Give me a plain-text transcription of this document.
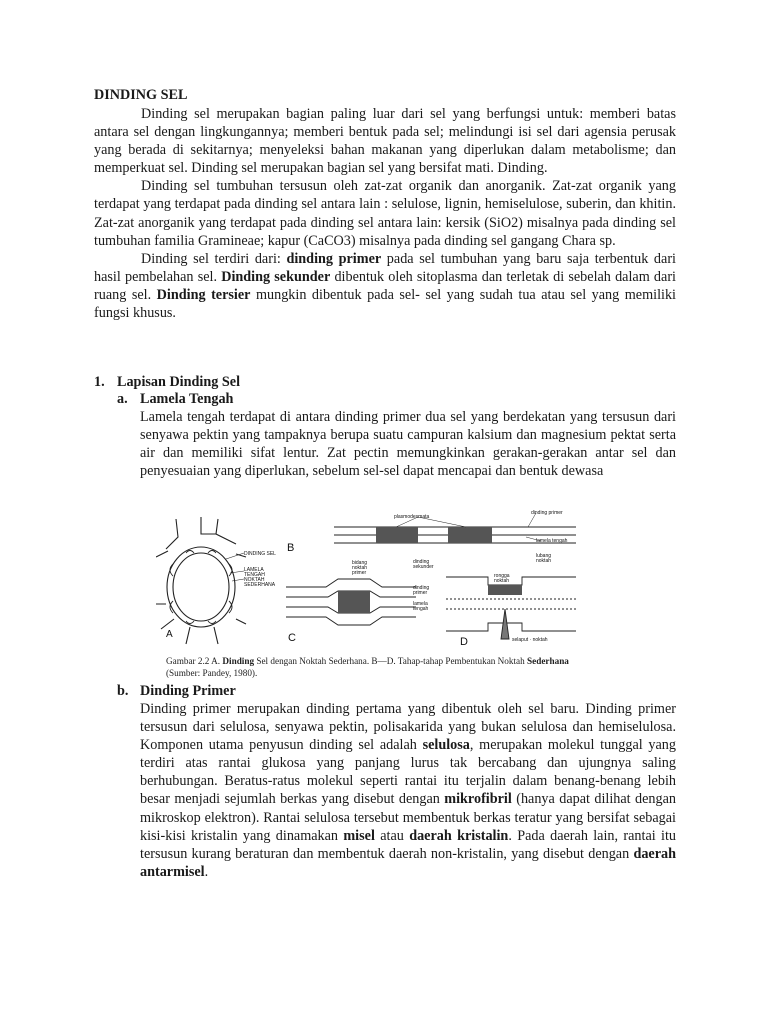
DINDING SEL

Dinding sel merupakan bagian paling luar dari sel yang berfungsi untuk: memberi batas antara sel dengan lingkungannya; memberi bentuk pada sel; melindungi isi sel dari agensia perusak yang berada di sekitarnya; menyeleksi bahan makanan yang diperlukan dalam metabolisme; dan memperkuat sel. Dinding sel merupakan bagian sel yang bersifat mati. Dinding.

Dinding sel tumbuhan tersusun oleh zat-zat organik dan anorganik. Zat-zat organik yang terdapat yang terdapat pada dinding sel antara lain : selulose, lignin, hemiselulose, suberin, dan khitin. Zat-zat anorganik yang terdapat pada dinding sel antara lain: kersik (SiO2) misalnya pada dinding sel tumbuhan familia Gramineae; kapur (CaCO3) misalnya pada dinding sel gangang Chara sp.

Dinding sel terdiri dari: dinding primer pada sel tumbuhan yang baru saja terbentuk dari hasil pembelahan sel. Dinding sekunder dibentuk oleh sitoplasma dan terletak di sebelah dalam dari ruang sel. Dinding tersier mungkin dibentuk pada sel- sel yang sudah tua atau sel yang memiliki fungsi khusus.

1. Lapisan Dinding Sel
a. Lamela Tengah

Lamela tengah terdapat di antara dinding primer dua sel yang berdekatan yang tersusun dari senyawa pektin yang tampaknya berupa suatu campuran kalsium dan magnesium pektat serta air dan memiliki sifat lentur. Zat pectin memungkinkan gerakan-gerakan antar sel dan penyesuaian yang diperlukan, sebelum sel-sel dapat mencapai dan bentuk dewasa

A
DINDING SEL
LAMELA
TENGAH
NOKTAH
SEDERHANA
B
plasmodesmata
dinding primer
lamela tengah
C
bidang
noktah
primer
D
dinding
sekunder
dinding
primer
lamela
tengah
lubang
noktah
rongga
noktah
selaput · noktah
Gambar 2.2 A. Dinding Sel dengan Noktah Sederhana. B—D. Tahap-tahap Pembentukan Noktah Sederhana (Sumber: Pandey, 1980).
b. Dinding Primer

Dinding primer merupakan dinding pertama yang dibentuk oleh sel baru. Dinding primer tersusun dari selulosa, senyawa pektin, polisakarida yang bukan selulosa dan hemiselulosa. Komponen utama penyusun dinding sel adalah selulosa, merupakan molekul tunggal yang terdiri atas rantai glukosa yang panjang lurus tak bercabang dan ujungnya saling berhubungan. Beratus-ratus molekul seperti rantai itu terjalin dalam benang-benang lebih besar menjadi sejumlah berkas yang disebut dengan mikrofibril (hanya dapat dilihat dengan mikroskop elektron). Rantai selulosa tersebut membentuk berkas teratur yang bersifat sebagai kisi-kisi kristalin yang dinamakan misel atau daerah kristalin. Pada daerah lain, rantai itu tersusun kurang beraturan dan membentuk daerah non-kristalin, yang disebut dengan daerah antarmisel.
